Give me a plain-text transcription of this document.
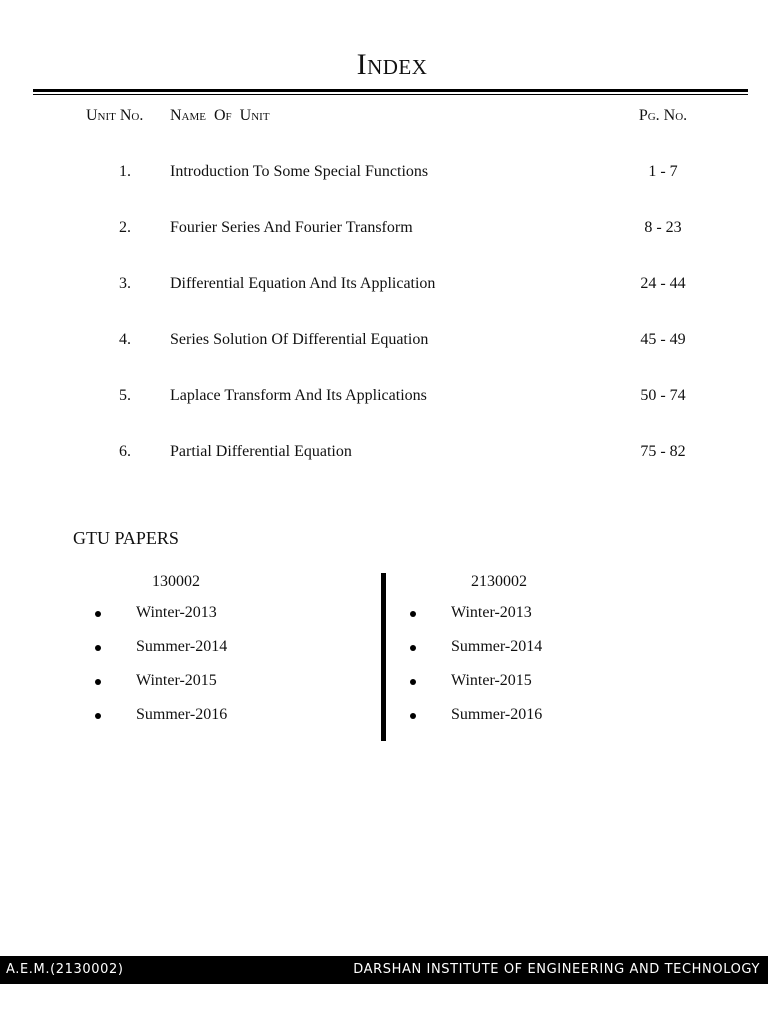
Index
Unit No. Name Of Unit	Pg. No.
1.	Introduction To Some Special Functions	1 - 7
2.	Fourier Series And Fourier Transform	8 - 23
3.	Differential Equation And Its Application	24 - 44
4.	Series Solution Of Differential Equation	45 - 49
5.	Laplace Transform And Its Applications	50 - 74
6.	Partial Differential Equation	75 - 82
GTU PAPERS
130002	2130002
Winter-2013
Summer-2014
Winter-2015
Summer-2016
Winter-2013
Summer-2014
Winter-2015
Summer-2016
A.E.M.(2130002)	DARSHAN INSTITUTE OF ENGINEERING AND TECHNOLOGY
